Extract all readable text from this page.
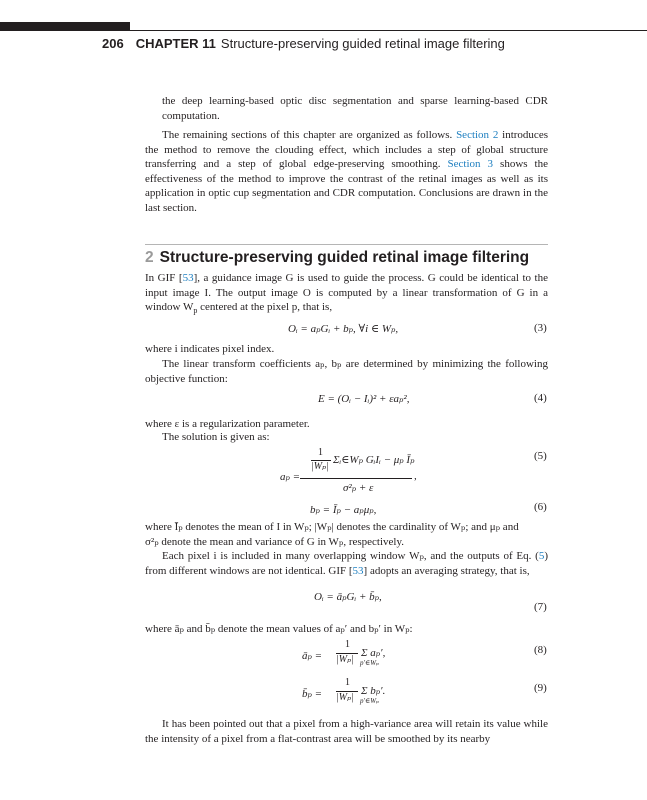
206 CHAPTER 11 Structure-preserving guided retinal image filtering
the deep learning-based optic disc segmentation and sparse learning-based CDR computation.
The remaining sections of this chapter are organized as follows. Section 2 introduces the method to remove the clouding effect, which includes a step of global structure transferring and a step of global edge-preserving smoothing. Section 3 shows the effectiveness of the method to improve the contrast of the retinal images as well as its application in optic cup segmentation and CDR computation. Conclusions are drawn in the last section.
2 Structure-preserving guided retinal image filtering
In GIF [53], a guidance image G is used to guide the process. G could be identical to the input image I. The output image O is computed by a linear transformation of G in a window $W_p$ centered at the pixel p, that is,
Oᵢ = aₚGᵢ + bₚ, ∀i ∈ Wₚ,	(3)
where i indicates pixel index.
The linear transform coefficients aₚ, bₚ are determined by minimizing the following objective function:
E = (Oᵢ − Iᵢ)² + εaₚ²,	(4)
where ε is a regularization parameter.
The solution is given as:
aₚ =
1
|Wₚ|
Σᵢ∈Wₚ GᵢIᵢ − μₚ Īₚ
,
σ²ₚ + ε
(5)
bₚ = Īₚ − aₚμₚ,	(6)
where Īₚ denotes the mean of I in Wₚ; |Wₚ| denotes the cardinality of Wₚ; and μₚ and
σ²ₚ denote the mean and variance of G in Wₚ, respectively.
Each pixel i is included in many overlapping window Wₚ, and the outputs of Eq. (5) from different windows are not identical. GIF [53] adopts an averaging strategy, that is,
Oᵢ = āₚGᵢ + b̄ₚ,
(7)
where āₚ and b̄ₚ denote the mean values of aₚ′ and bₚ′ in Wₚ:
āₚ =
1
|Wₚ|
Σ aₚ′,
p′∈Wₚ
(8)
b̄ₚ =
1
|Wₚ|
Σ bₚ′.
p′∈Wₚ
(9)
It has been pointed out that a pixel from a high-variance area will retain its value while the intensity of a pixel from a flat-contrast area will be smoothed by its nearby
